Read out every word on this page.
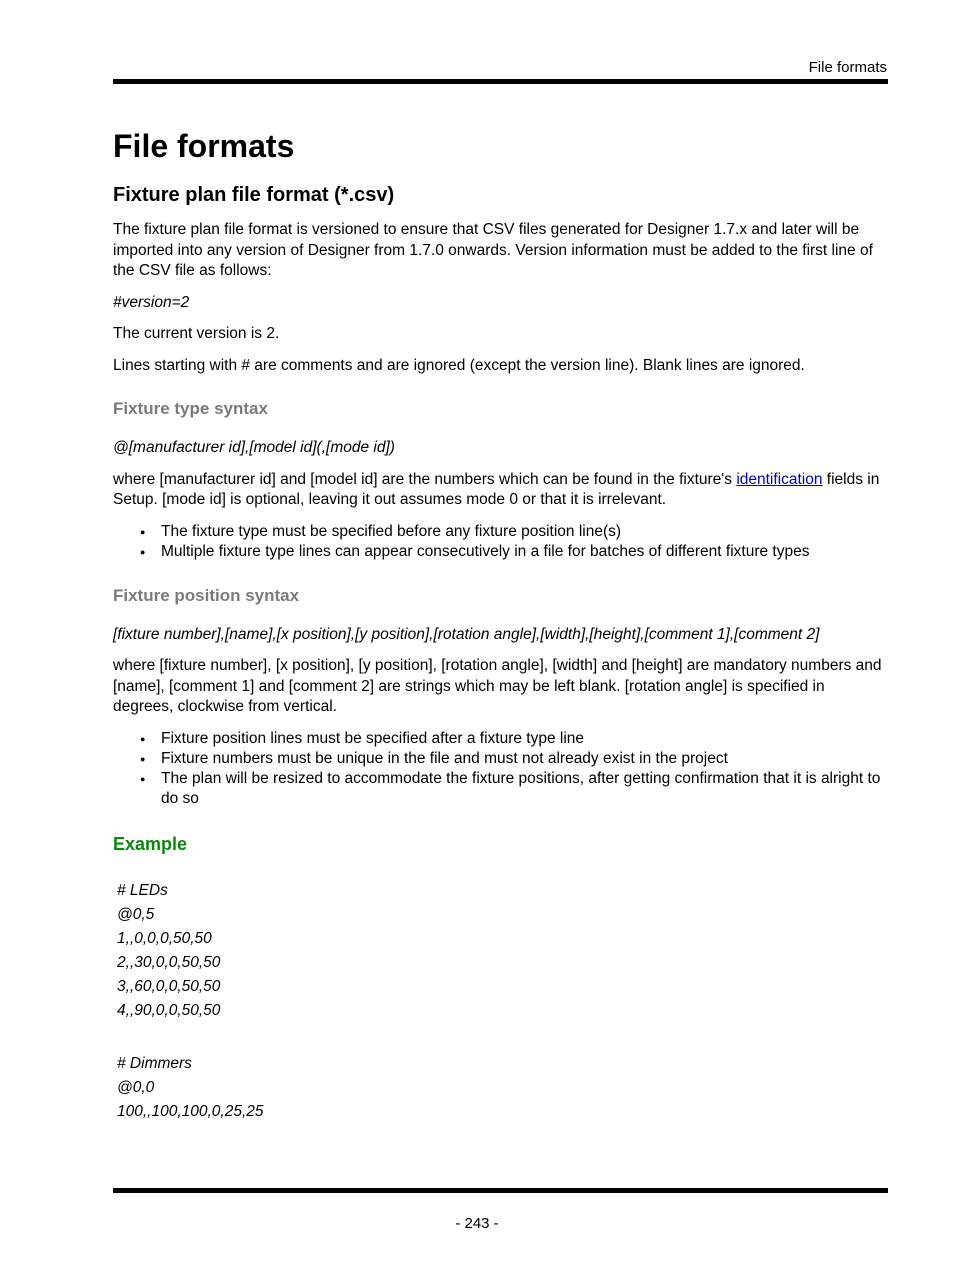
File formats
File formats
Fixture plan file format (*.csv)

The fixture plan file format is versioned to ensure that CSV files generated for Designer 1.7.x and later will be imported into any version of Designer from 1.7.0 onwards. Version information must be added to the first line of the CSV file as follows:

#version=2

The current version is 2.

Lines starting with # are comments and are ignored (except the version line). Blank lines are ignored.

Fixture type syntax

@[manufacturer id],[model id](,[mode id])

where [manufacturer id] and [model id] are the numbers which can be found in the fixture's identification fields in Setup. [mode id] is optional, leaving it out assumes mode 0 or that it is irrelevant.

● The fixture type must be specified before any fixture position line(s)
● Multiple fixture type lines can appear consecutively in a file for batches of different fixture types
Fixture position syntax

[fixture number],[name],[x position],[y position],[rotation angle],[width],[height],[comment 1],[comment 2]

where [fixture number], [x position], [y position], [rotation angle], [width] and [height] are mandatory numbers and [name], [comment 1] and [comment 2] are strings which may be left blank. [rotation angle] is specified in degrees, clockwise from vertical.

● Fixture position lines must be specified after a fixture type line
● Fixture numbers must be unique in the file and must not already exist in the project
● The plan will be resized to accommodate the fixture positions, after getting confirmation that it is alright to do so
Example
# LEDs
@0,5
1,,0,0,0,50,50
2,,30,0,0,50,50
3,,60,0,0,50,50
4,,90,0,0,50,50
# Dimmers
@0,0
100,,100,100,0,25,25
- 243 -
